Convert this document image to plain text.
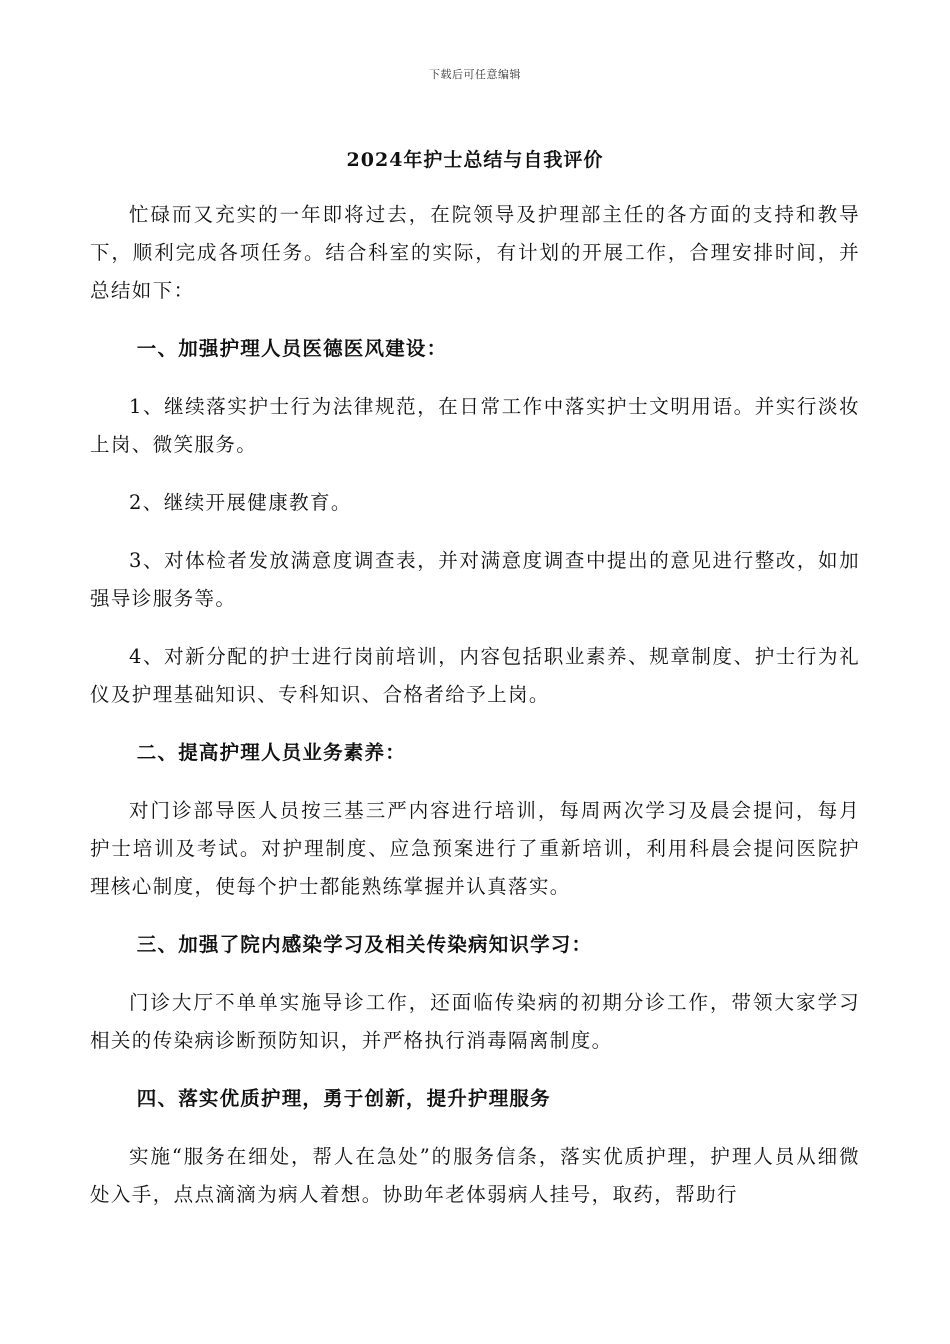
下载后可任意编辑
2024年护士总结与自我评价

忙碌而又充实的一年即将过去，在院领导及护理部主任的各方面的支持和教导下，顺利完成各项任务。结合科室的实际，有计划的开展工作，合理安排时间，并总结如下：

一、加强护理人员医德医风建设：

1、继续落实护士行为法律规范，在日常工作中落实护士文明用语。并实行淡妆上岗、微笑服务。

2、继续开展健康教育。

3、对体检者发放满意度调查表，并对满意度调查中提出的意见进行整改，如加强导诊服务等。

4、对新分配的护士进行岗前培训，内容包括职业素养、规章制度、护士行为礼仪及护理基础知识、专科知识、合格者给予上岗。

二、提高护理人员业务素养：

对门诊部导医人员按三基三严内容进行培训，每周两次学习及晨会提问，每月护士培训及考试。对护理制度、应急预案进行了重新培训，利用科晨会提问医院护理核心制度，使每个护士都能熟练掌握并认真落实。

三、加强了院内感染学习及相关传染病知识学习：

门诊大厅不单单实施导诊工作，还面临传染病的初期分诊工作，带领大家学习相关的传染病诊断预防知识，并严格执行消毒隔离制度。

四、落实优质护理，勇于创新，提升护理服务

实施“服务在细处，帮人在急处”的服务信条，落实优质护理，护理人员从细微处入手，点点滴滴为病人着想。协助年老体弱病人挂号，取药，帮助行
